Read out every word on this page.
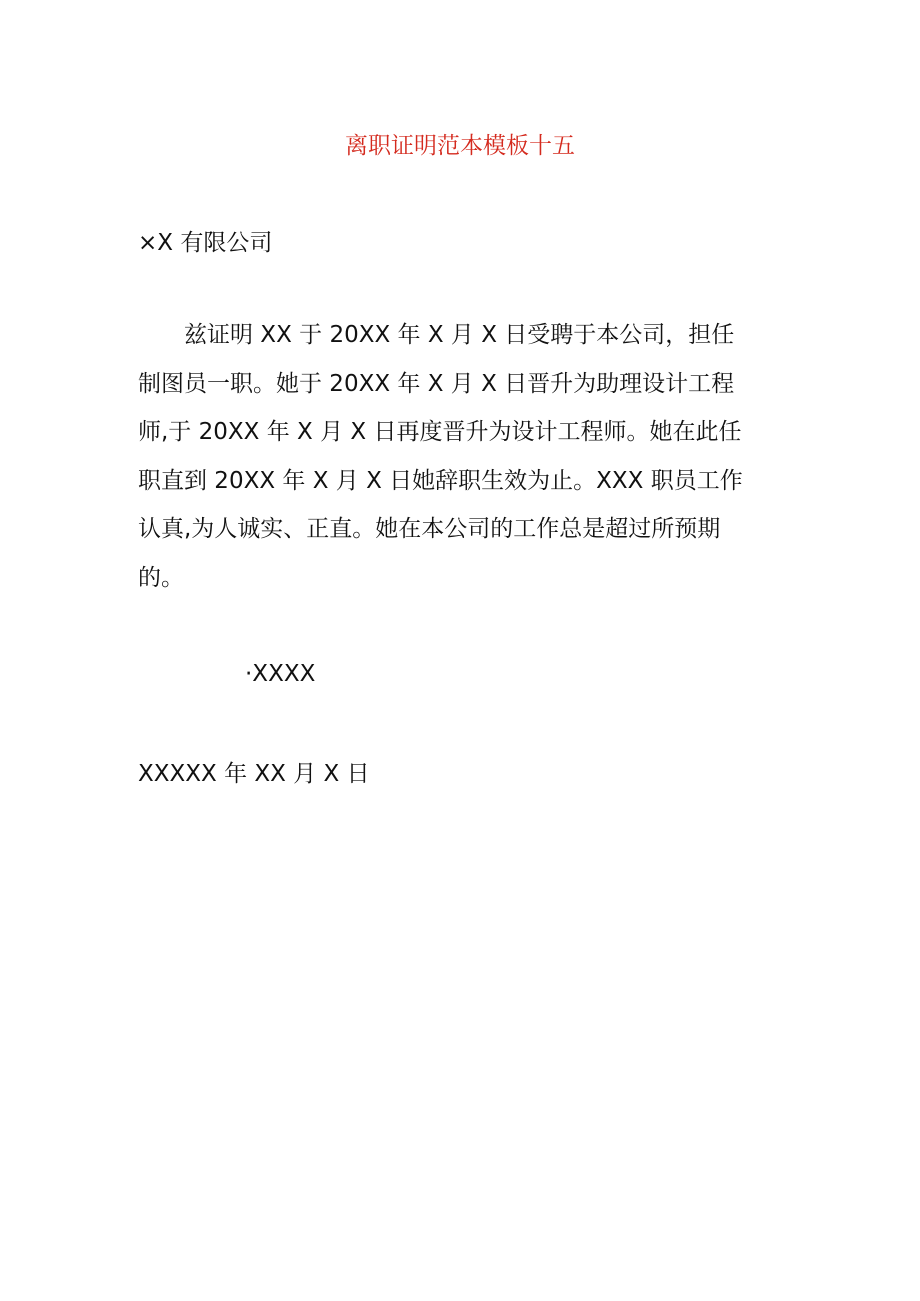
离职证明范本模板十五
×X 有限公司
兹证明 XX 于 20XX 年 X 月 X 日受聘于本公司，担任
制图员一职。她于 20XX 年 X 月 X 日晋升为助理设计工程
师,于 20XX 年 X 月 X 日再度晋升为设计工程师。她在此任
职直到 20XX 年 X 月 X 日她辞职生效为止。XXX 职员工作
认真,为人诚实、正直。她在本公司的工作总是超过所预期
的。
·XXXX
XXXXX 年 XX 月 X 日
